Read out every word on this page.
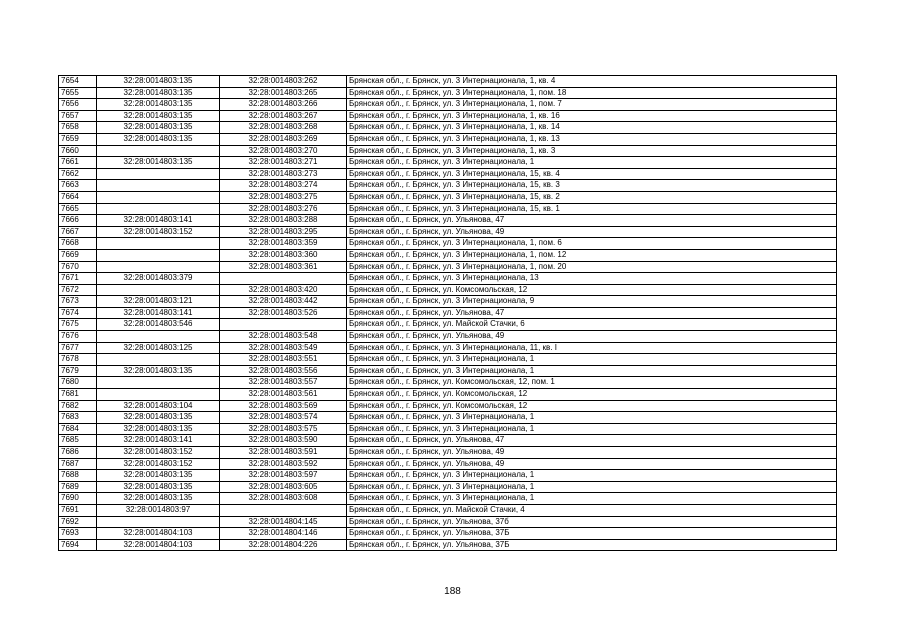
7654	32:28:0014803:135	32:28:0014803:262	Брянская обл., г. Брянск, ул. 3 Интернационала, 1, кв. 4
7655	32:28:0014803:135	32:28:0014803:265	Брянская обл., г. Брянск, ул. 3 Интернационала, 1, пом. 18
7656	32:28:0014803:135	32:28:0014803:266	Брянская обл., г. Брянск, ул. 3 Интернационала, 1, пом. 7
7657	32:28:0014803:135	32:28:0014803:267	Брянская обл., г. Брянск, ул. 3 Интернационала, 1, кв. 16
7658	32:28:0014803:135	32:28:0014803:268	Брянская обл., г. Брянск, ул. 3 Интернационала, 1, кв. 14
7659	32:28:0014803:135	32:28:0014803:269	Брянская обл., г. Брянск, ул. 3 Интернационала, 1, кв. 13
7660		32:28:0014803:270	Брянская обл., г. Брянск, ул. 3 Интернационала, 1, кв. 3
7661	32:28:0014803:135	32:28:0014803:271	Брянская обл., г. Брянск, ул. 3 Интернационала, 1
7662		32:28:0014803:273	Брянская обл., г. Брянск, ул. 3 Интернационала, 15, кв. 4
7663		32:28:0014803:274	Брянская обл., г. Брянск, ул. 3 Интернационала, 15, кв. 3
7664		32:28:0014803:275	Брянская обл., г. Брянск, ул. 3 Интернационала, 15, кв. 2
7665		32:28:0014803:276	Брянская обл., г. Брянск, ул. 3 Интернационала, 15, кв. 1
7666	32:28:0014803:141	32:28:0014803:288	Брянская обл., г. Брянск, ул. Ульянова, 47
7667	32:28:0014803:152	32:28:0014803:295	Брянская обл., г. Брянск, ул. Ульянова, 49
7668		32:28:0014803:359	Брянская обл., г. Брянск, ул. 3 Интернационала, 1, пом. 6
7669		32:28:0014803:360	Брянская обл., г. Брянск, ул. 3 Интернационала, 1, пом. 12
7670		32:28:0014803:361	Брянская обл., г. Брянск, ул. 3 Интернационала, 1, пом. 20
7671	32:28:0014803:379		Брянская обл., г. Брянск, ул. 3 Интернационала, 13
7672		32:28:0014803:420	Брянская обл., г. Брянск, ул. Комсомольская, 12
7673	32:28:0014803:121	32:28:0014803:442	Брянская обл., г. Брянск, ул. 3 Интернационала, 9
7674	32:28:0014803:141	32:28:0014803:526	Брянская обл., г. Брянск, ул. Ульянова, 47
7675	32:28:0014803:546		Брянская обл., г. Брянск, ул. Майской Стачки, 6
7676		32:28:0014803:548	Брянская обл., г. Брянск, ул. Ульянова, 49
7677	32:28:0014803:125	32:28:0014803:549	Брянская обл., г. Брянск, ул. 3 Интернационала, 11, кв. I
7678		32:28:0014803:551	Брянская обл., г. Брянск, ул. 3 Интернационала, 1
7679	32:28:0014803:135	32:28:0014803:556	Брянская обл., г. Брянск, ул. 3 Интернационала, 1
7680		32:28:0014803:557	Брянская обл., г. Брянск, ул. Комсомольская, 12, пом. 1
7681		32:28:0014803:561	Брянская обл., г. Брянск, ул. Комсомольская, 12
7682	32:28:0014803:104	32:28:0014803:569	Брянская обл., г. Брянск, ул. Комсомольская, 12
7683	32:28:0014803:135	32:28:0014803:574	Брянская обл., г. Брянск, ул. 3 Интернационала, 1
7684	32:28:0014803:135	32:28:0014803:575	Брянская обл., г. Брянск, ул. 3 Интернационала, 1
7685	32:28:0014803:141	32:28:0014803:590	Брянская обл., г. Брянск, ул. Ульянова, 47
7686	32:28:0014803:152	32:28:0014803:591	Брянская обл., г. Брянск, ул. Ульянова, 49
7687	32:28:0014803:152	32:28:0014803:592	Брянская обл., г. Брянск, ул. Ульянова, 49
7688	32:28:0014803:135	32:28:0014803:597	Брянская обл., г. Брянск, ул. 3 Интернационала, 1
7689	32:28:0014803:135	32:28:0014803:605	Брянская обл., г. Брянск, ул. 3 Интернационала, 1
7690	32:28:0014803:135	32:28:0014803:608	Брянская обл., г. Брянск, ул. 3 Интернационала, 1
7691	32:28:0014803:97		Брянская обл., г. Брянск, ул. Майской Стачки, 4
7692		32:28:0014804:145	Брянская обл., г. Брянск, ул. Ульянова, 37б
7693	32:28:0014804:103	32:28:0014804:146	Брянская обл., г. Брянск, ул. Ульянова, 37Б
7694	32:28:0014804:103	32:28:0014804:226	Брянская обл., г. Брянск, ул. Ульянова, 37Б
188
